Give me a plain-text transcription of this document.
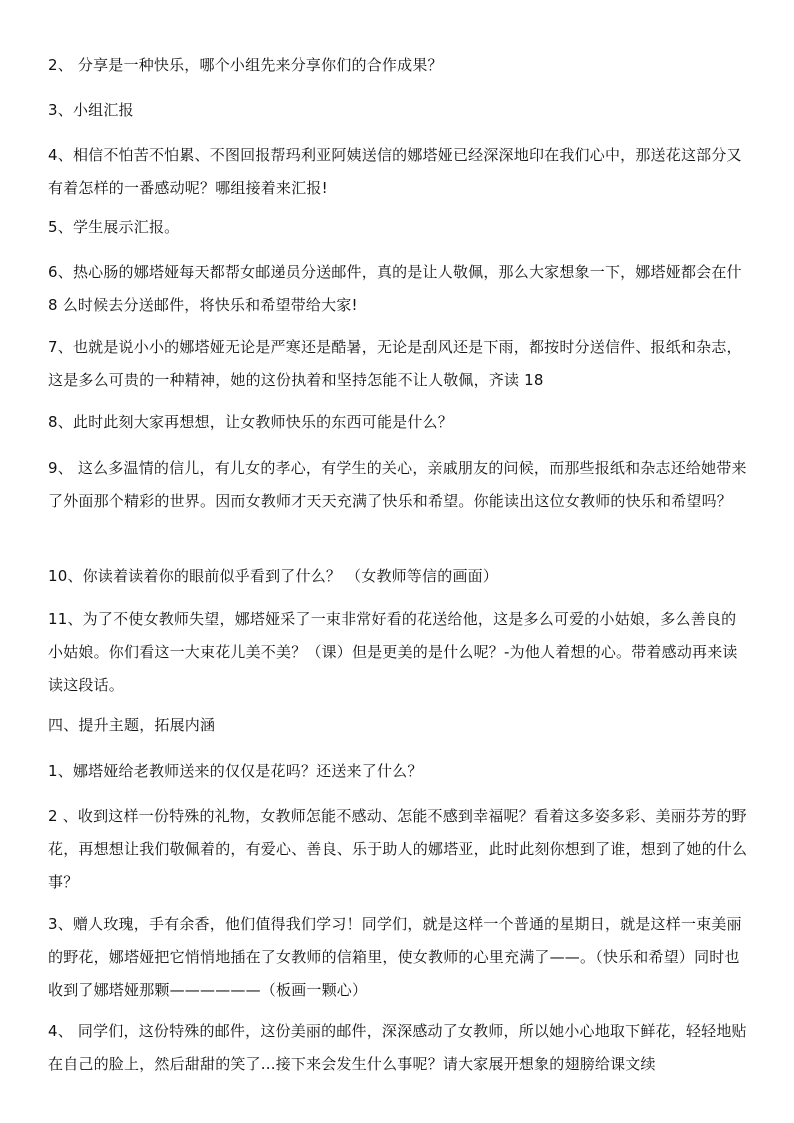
2、 分享是一种快乐，哪个小组先来分享你们的合作成果？
3、小组汇报
4、相信不怕苦不怕累、不图回报帮玛利亚阿姨送信的娜塔娅已经深深地印在我们心中，那送花这部分又有着怎样的一番感动呢？哪组接着来汇报!
5、学生展示汇报。
6、热心肠的娜塔娅每天都帮女邮递员分送邮件，真的是让人敬佩，那么大家想象一下，娜塔娅都会在什 8 么时候去分送邮件，将快乐和希望带给大家!
7、也就是说小小的娜塔娅无论是严寒还是酷暑，无论是刮风还是下雨，都按时分送信件、报纸和杂志，这是多么可贵的一种精神，她的这份执着和坚持怎能不让人敬佩，齐读 18
8、此时此刻大家再想想，让女教师快乐的东西可能是什么？
9、 这么多温情的信儿，有儿女的孝心，有学生的关心，亲戚朋友的问候，而那些报纸和杂志还给她带来了外面那个精彩的世界。因而女教师才天天充满了快乐和希望。你能读出这位女教师的快乐和希望吗？
10、你读着读着你的眼前似乎看到了什么？ （女教师等信的画面）
11、为了不使女教师失望，娜塔娅采了一束非常好看的花送给他，这是多么可爱的小姑娘，多么善良的小姑娘。你们看这一大束花儿美不美？（课）但是更美的是什么呢？-为他人着想的心。带着感动再来读读这段话。
四、提升主题，拓展内涵
1、娜塔娅给老教师送来的仅仅是花吗？还送来了什么？
2 、收到这样一份特殊的礼物，女教师怎能不感动、怎能不感到幸福呢？看着这多姿多彩、美丽芬芳的野花，再想想让我们敬佩着的，有爱心、善良、乐于助人的娜塔亚，此时此刻你想到了谁，想到了她的什么事？
3、赠人玫瑰，手有余香，他们值得我们学习！同学们，就是这样一个普通的星期日，就是这样一束美丽的野花，娜塔娅把它悄悄地插在了女教师的信箱里，使女教师的心里充满了——。（快乐和希望）同时也收到了娜塔娅那颗——————（板画一颗心）
4、 同学们，这份特殊的邮件，这份美丽的邮件，深深感动了女教师，所以她小心地取下鲜花，轻轻地贴在自己的脸上，然后甜甜的笑了...接下来会发生什么事呢？请大家展开想象的翅膀给课文续
